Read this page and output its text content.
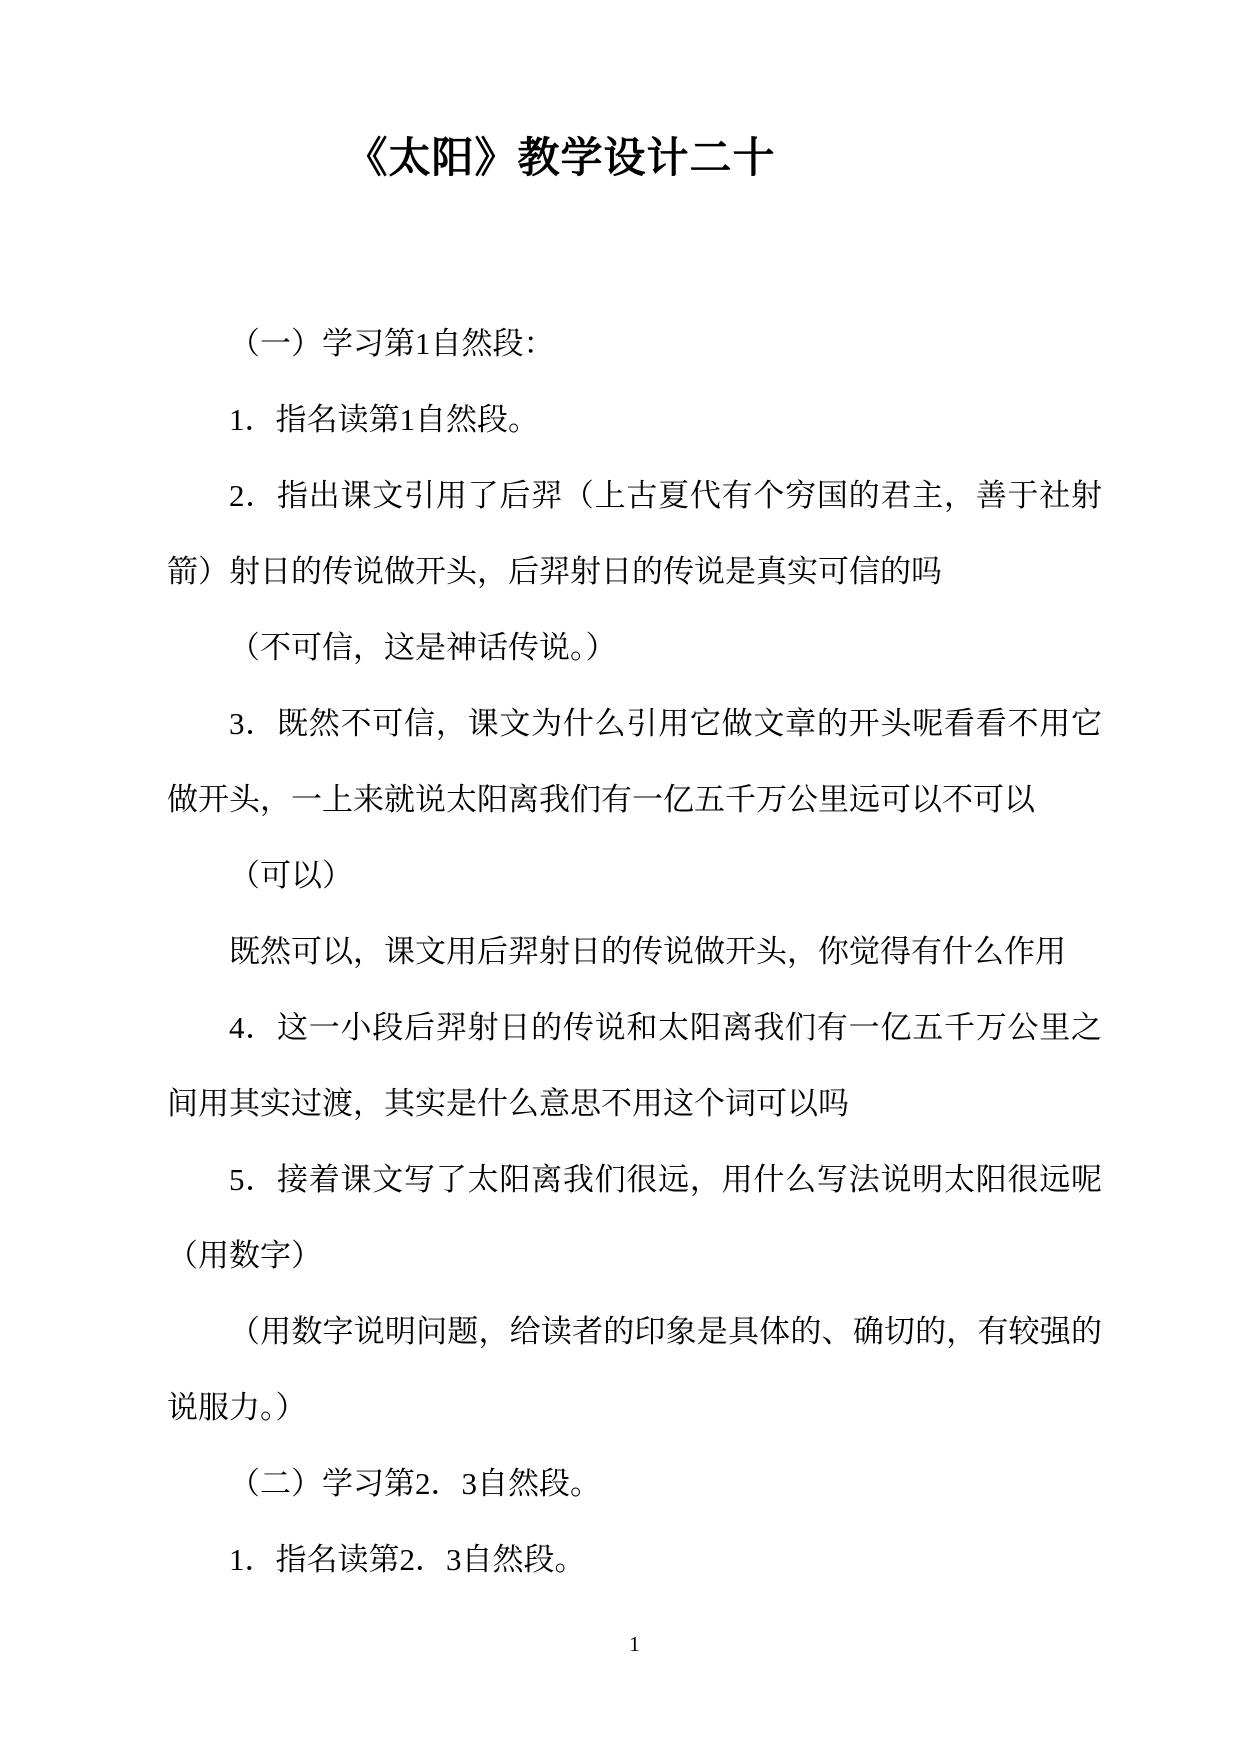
《太阳》教学设计二十

（一）学习第1自然段：

1．指名读第1自然段。

2．指出课文引用了后羿（上古夏代有个穷国的君主，善于社射箭）射日的传说做开头，后羿射日的传说是真实可信的吗

（不可信，这是神话传说。）

3．既然不可信，课文为什么引用它做文章的开头呢看看不用它做开头，一上来就说太阳离我们有一亿五千万公里远可以不可以

（可以）

既然可以，课文用后羿射日的传说做开头，你觉得有什么作用

4．这一小段后羿射日的传说和太阳离我们有一亿五千万公里之间用其实过渡，其实是什么意思不用这个词可以吗

5．接着课文写了太阳离我们很远，用什么写法说明太阳很远呢（用数字）

（用数字说明问题，给读者的印象是具体的、确切的，有较强的说服力。）

（二）学习第2．3自然段。

1．指名读第2．3自然段。

1
